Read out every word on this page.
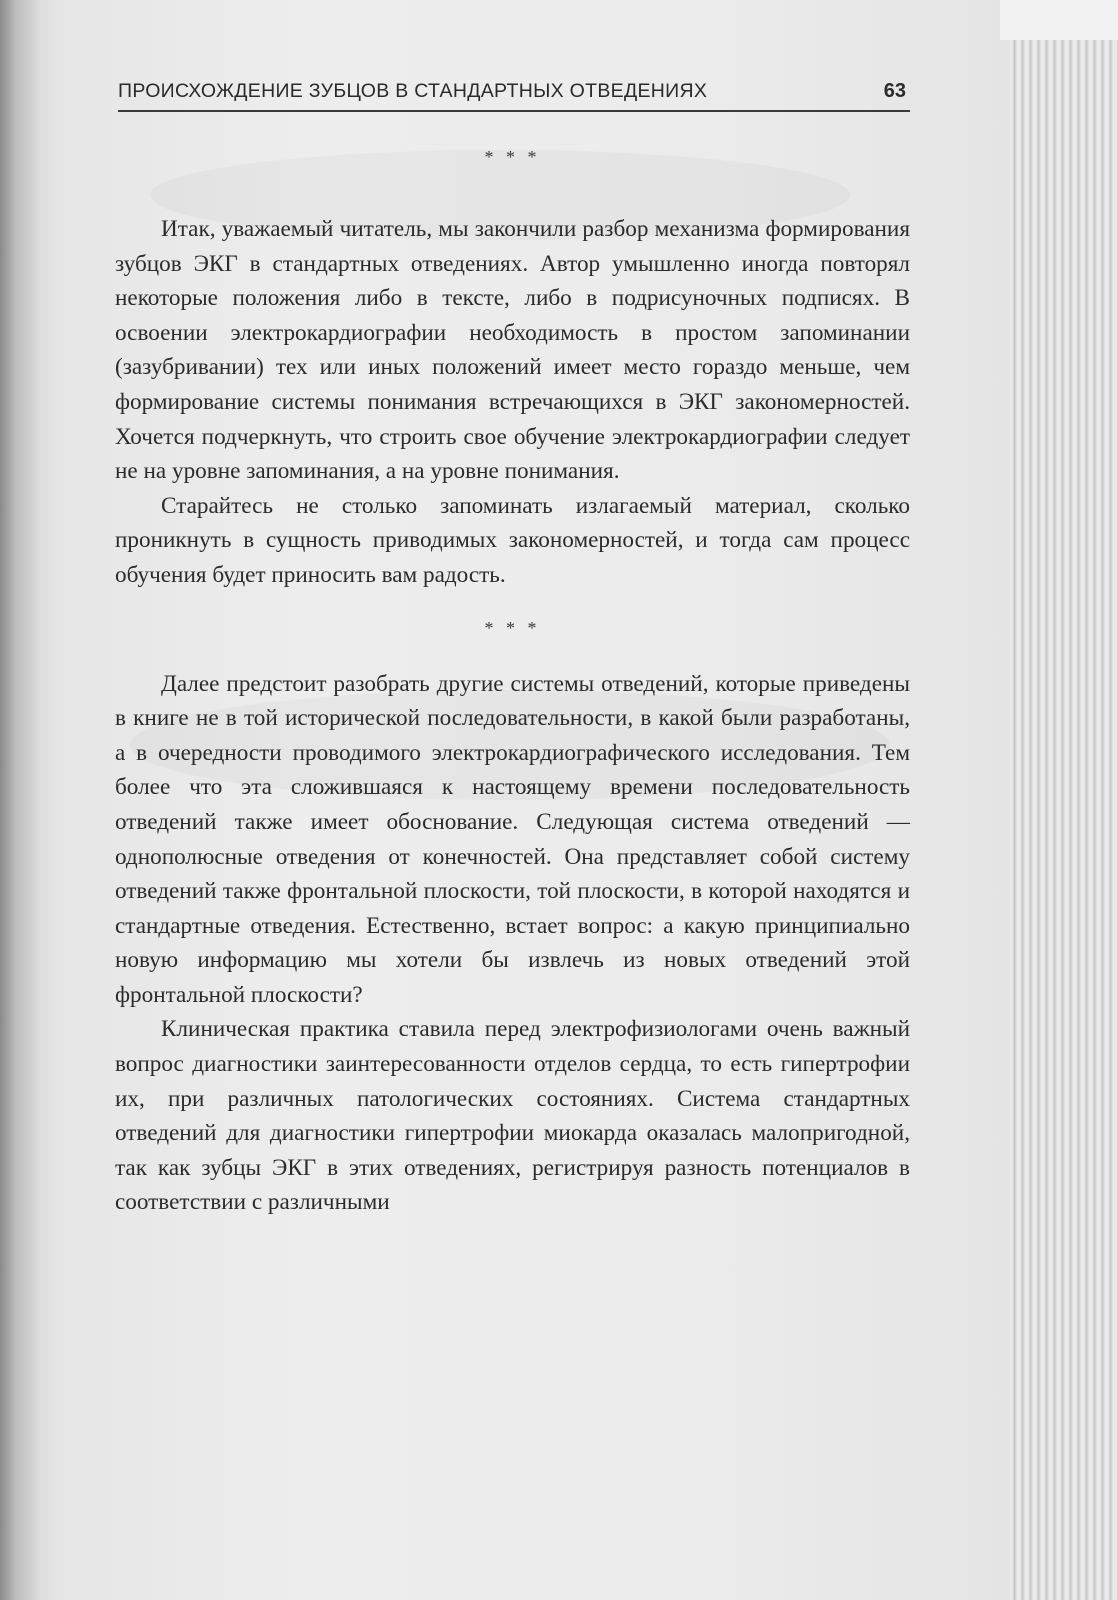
ПРОИСХОЖДЕНИЕ ЗУБЦОВ В СТАНДАРТНЫХ ОТВЕДЕНИЯХ	63
* * *

Итак, уважаемый читатель, мы закончили разбор механизма формирования зубцов ЭКГ в стандартных отведениях. Автор умышленно иногда повторял некоторые положения либо в тексте, либо в подрисуночных подписях. В освоении электрокардиографии необходимость в простом запоминании (зазубривании) тех или иных положений имеет место гораздо меньше, чем формирование системы понимания встречающихся в ЭКГ закономерностей. Хочется подчеркнуть, что строить свое обучение электрокардиографии следует не на уровне запоминания, а на уровне понимания.

Старайтесь не столько запоминать излагаемый материал, сколько проникнуть в сущность приводимых закономерностей, и тогда сам процесс обучения будет приносить вам радость.

* * *

Далее предстоит разобрать другие системы отведений, которые приведены в книге не в той исторической последовательности, в какой были разработаны, а в очередности проводимого электрокардиографического исследования. Тем более что эта сложившаяся к настоящему времени последовательность отведений также имеет обоснование. Следующая система отведений — однополюсные отведения от конечностей. Она представляет собой систему отведений также фронтальной плоскости, той плоскости, в которой находятся и стандартные отведения. Естественно, встает вопрос: а какую принципиально новую информацию мы хотели бы извлечь из новых отведений этой фронтальной плоскости?

Клиническая практика ставила перед электрофизиологами очень важный вопрос диагностики заинтересованности отделов сердца, то есть гипертрофии их, при различных патологических состояниях. Система стандартных отведений для диагностики гипертрофии миокарда оказалась малопригодной, так как зубцы ЭКГ в этих отведениях, регистрируя разность потенциалов в соответствии с различными
